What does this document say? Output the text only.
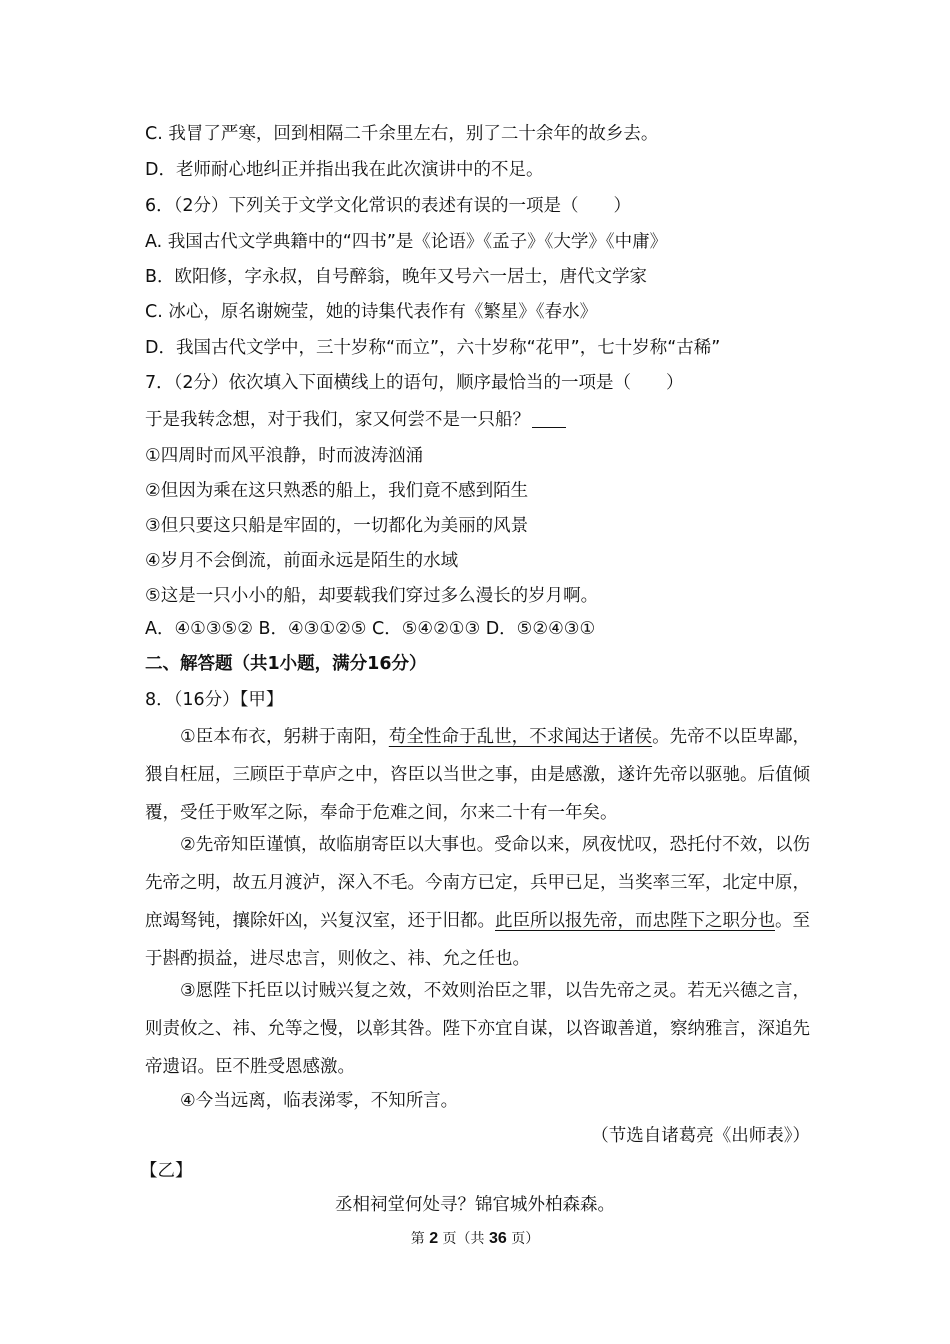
C. 我冒了严寒，回到相隔二千余里左右，别了二十余年的故乡去。
D．老师耐心地纠正并指出我在此次演讲中的不足。
6．（2分）下列关于文学文化常识的表述有误的一项是（　　）
A. 我国古代文学典籍中的“四书”是《论语》《孟子》《大学》《中庸》
B．欧阳修，字永叔，自号醉翁，晚年又号六一居士，唐代文学家
C. 冰心，原名谢婉莹，她的诗集代表作有《繁星》《春水》
D．我国古代文学中，三十岁称“而立”，六十岁称“花甲”，七十岁称“古稀”
7．（2分）依次填入下面横线上的语句，顺序最恰当的一项是（　　）
于是我转念想，对于我们，家又何尝不是一只船？
①四周时而风平浪静，时而波涛汹涌
②但因为乘在这只熟悉的船上，我们竟不感到陌生
③但只要这只船是牢固的，一切都化为美丽的风景
④岁月不会倒流，前面永远是陌生的水域
⑤这是一只小小的船，却要载我们穿过多么漫长的岁月啊。
A．④①③⑤② B．④③①②⑤ C．⑤④②①③ D．⑤②④③①
二、解答题（共1小题，满分16分）
8．（16分）【甲】
①臣本布衣，躬耕于南阳，苟全性命于乱世，不求闻达于诸侯。先帝不以臣卑鄙，猥自枉屈，三顾臣于草庐之中，咨臣以当世之事，由是感激，遂许先帝以驱驰。后值倾覆，受任于败军之际，奉命于危难之间，尔来二十有一年矣。
②先帝知臣谨慎，故临崩寄臣以大事也。受命以来，夙夜忧叹，恐托付不效，以伤先帝之明，故五月渡泸，深入不毛。今南方已定，兵甲已足，当奖率三军，北定中原，庶竭驽钝，攘除奸凶，兴复汉室，还于旧都。此臣所以报先帝，而忠陛下之职分也。至于斟酌损益，进尽忠言，则攸之、祎、允之任也。
③愿陛下托臣以讨贼兴复之效，不效则治臣之罪，以告先帝之灵。若无兴德之言，则责攸之、祎、允等之慢，以彰其咎。陛下亦宜自谋，以咨诹善道，察纳雅言，深追先帝遗诏。臣不胜受恩感激。
④今当远离，临表涕零，不知所言。
（节选自诸葛亮《出师表》）
【乙】
丞相祠堂何处寻？锦官城外柏森森。
第 2 页（共 36 页）
